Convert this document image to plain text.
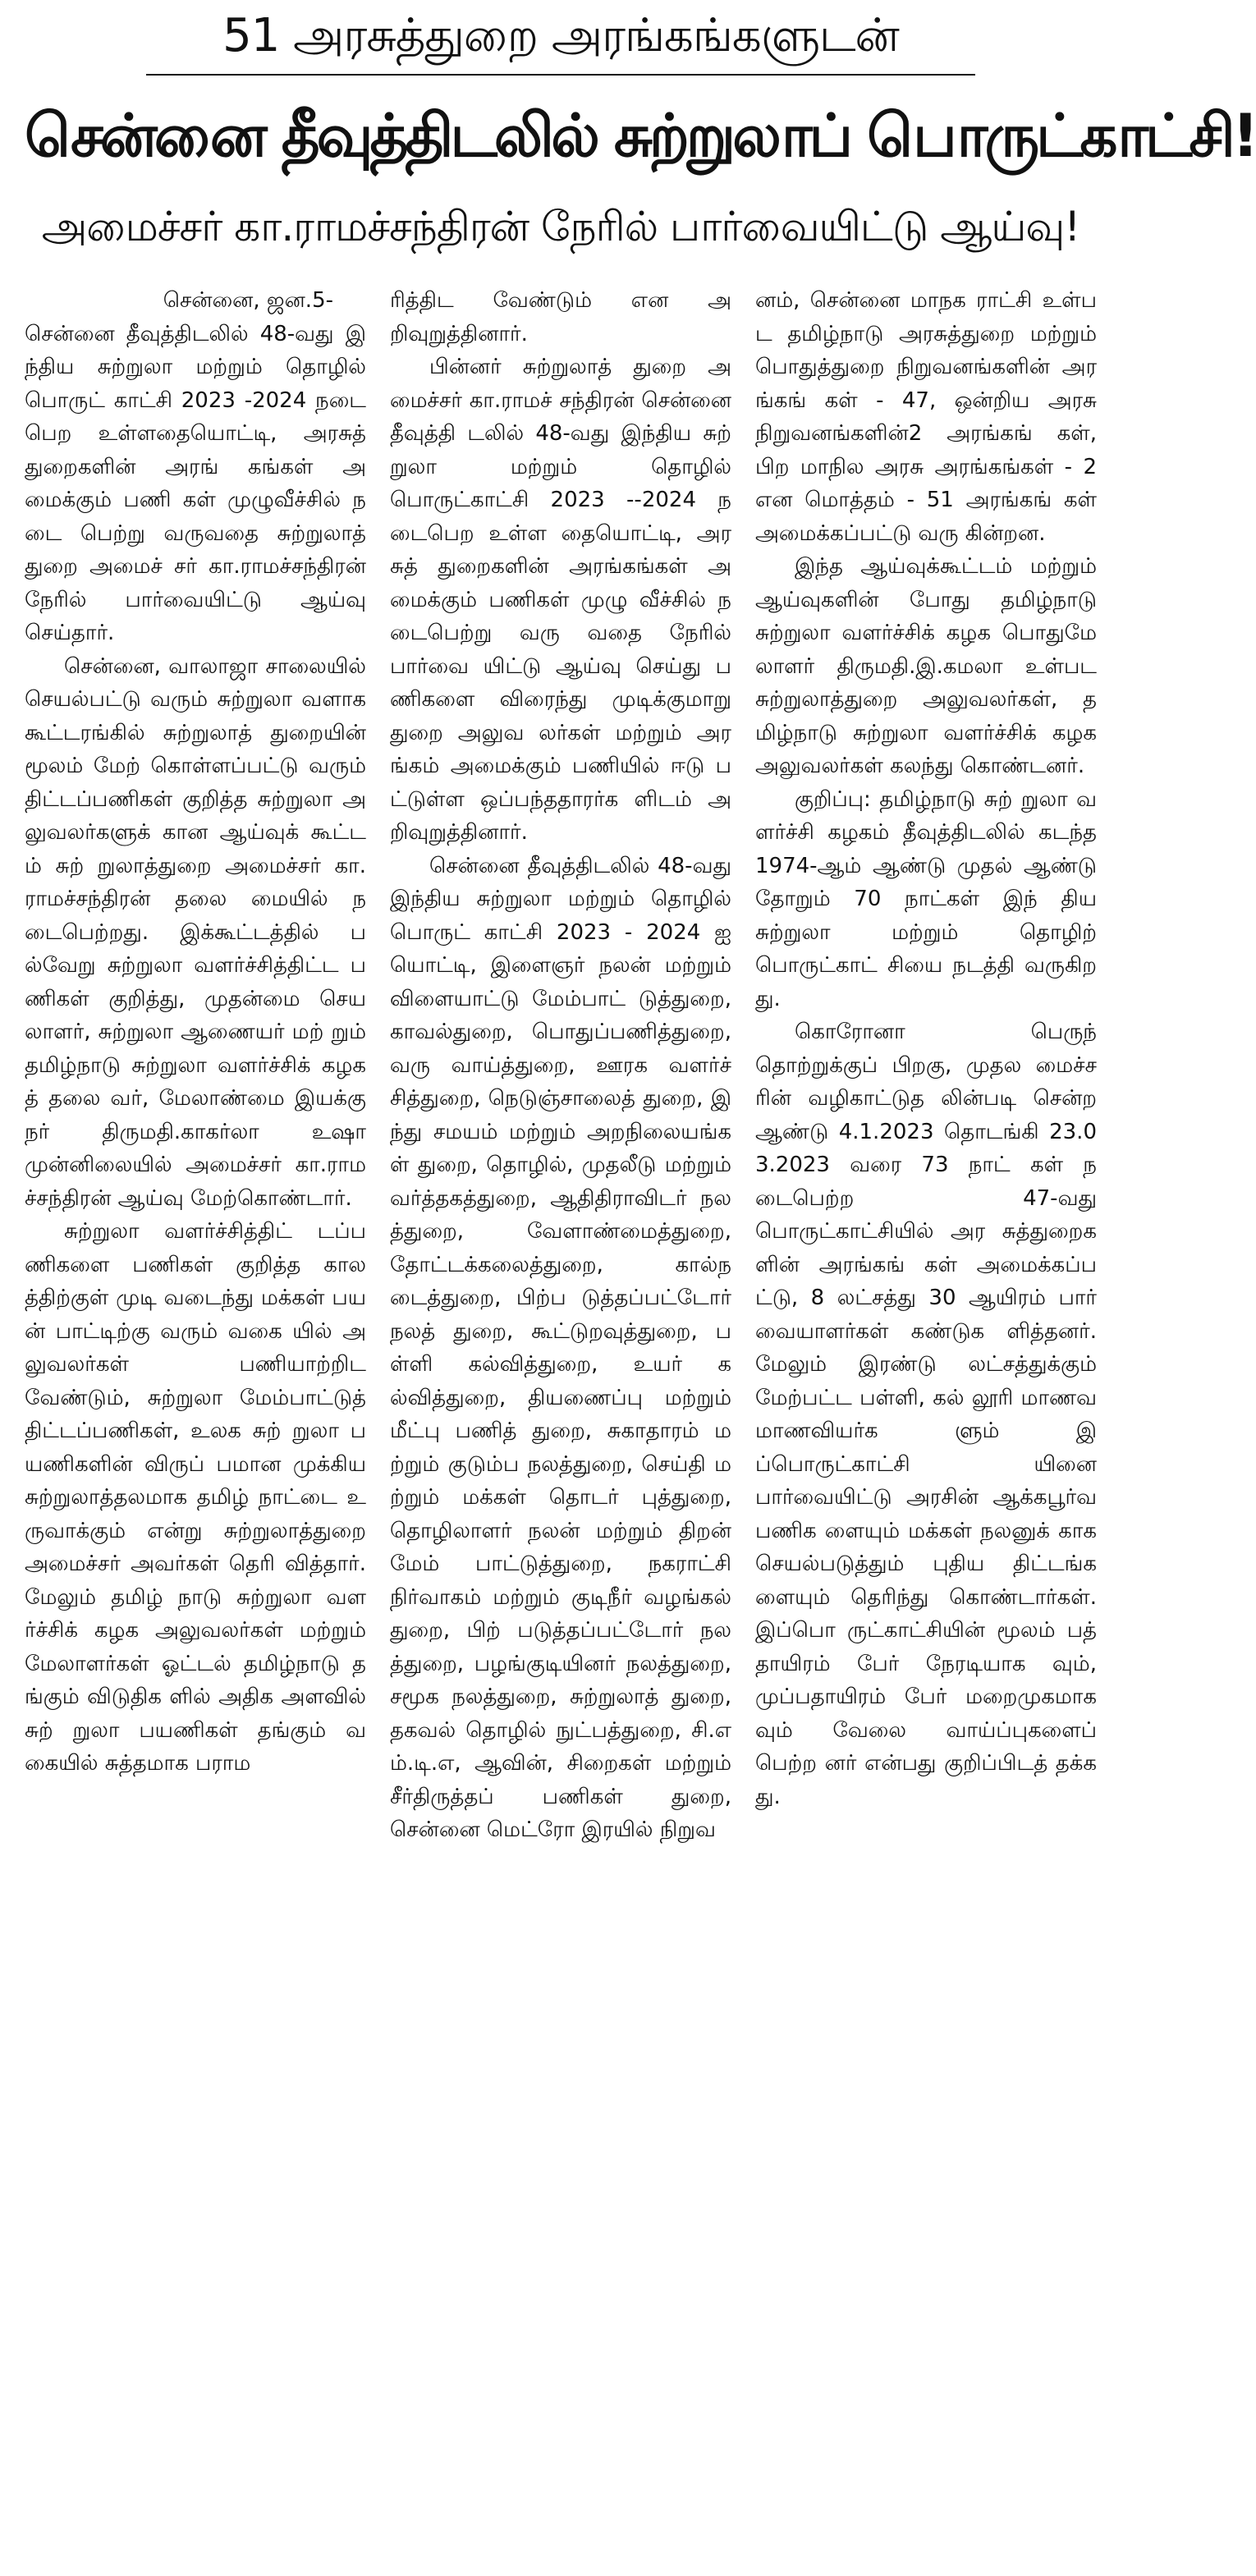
51 அரசுத்துறை அரங்கங்களுடன்
சென்னை தீவுத்திடலில் சுற்றுலாப் பொருட்காட்சி!
அமைச்சர் கா.ராமச்சந்திரன் நேரில் பார்வையிட்டு ஆய்வு!

சென்னை, ஜன.5-

சென்னை தீவுத்திடலில் 48-வது இந்திய சுற்றுலா மற்றும் தொழில் பொருட் காட்சி 2023 -2024 நடை பெற உள்ளதையொட்டி, அரசுத் துறைகளின் அரங் கங்கள் அமைக்கும் பணி கள் முழுவீச்சில் நடை பெற்று வருவதை சுற்றுலாத் துறை அமைச் சர் கா.ராமச்சந்திரன் நேரில் பார்வையிட்டு ஆய்வு செய்தார்.

சென்னை, வாலாஜா சாலையில் செயல்பட்டு வரும் சுற்றுலா வளாக கூட்டரங்கில் சுற்றுலாத் துறையின் மூலம் மேற் கொள்ளப்பட்டு வரும் திட்டப்பணிகள் குறித்த சுற்றுலா அலுவலர்களுக் கான ஆய்வுக் கூட்டம் சுற் றுலாத்துறை அமைச்சர் கா.ராமச்சந்திரன் தலை மையில் நடைபெற்றது. இக்கூட்டத்தில் பல்வேறு சுற்றுலா வளர்ச்சித்திட்ட பணிகள் குறித்து, முதன்மை செயலாளர், சுற்றுலா ஆணையர் மற் றும் தமிழ்நாடு சுற்றுலா வளர்ச்சிக் கழகத் தலை வர், மேலாண்மை இயக்கு நர் திருமதி.காகர்லா உஷா முன்னிலையில் அமைச்சர் கா.ராமச்சந்திரன் ஆய்வு மேற்கொண்டார்.

சுற்றுலா வளர்ச்சித்திட் டப்பணிகளை பணிகள் குறித்த காலத்திற்குள் முடி வடைந்து மக்கள் பயன் பாட்டிற்கு வரும் வகை யில் அலுவலர்கள் பணியாற்றிட வேண்டும், சுற்றுலா மேம்பாட்டுத் திட்டப்பணிகள், உலக சுற் றுலா பயணிகளின் விருப் பமான முக்கிய சுற்றுலாத்தலமாக தமிழ் நாட்டை உருவாக்கும் என்று சுற்றுலாத்துறை அமைச்சர் அவர்கள் தெரி வித்தார். மேலும் தமிழ் நாடு சுற்றுலா வளர்ச்சிக் கழக அலுவலர்கள் மற்றும் மேலாளர்கள் ஓட்டல் தமிழ்நாடு தங்கும் விடுதிக ளில் அதிக அளவில் சுற் றுலா பயணிகள் தங்கும் வகையில் சுத்தமாக பராம

ரித்திட வேண்டும் என அறிவுறுத்தினார்.

பின்னர் சுற்றுலாத் துறை அமைச்சர் கா.ராமச் சந்திரன் சென்னை தீவுத்தி டலில் 48-வது இந்திய சுற் றுலா மற்றும் தொழில் பொருட்காட்சி 2023 --2024 நடைபெற உள்ள தையொட்டி, அரசுத் துறைகளின் அரங்கங்கள் அமைக்கும் பணிகள் முழு வீச்சில் நடைபெற்று வரு வதை நேரில் பார்வை யிட்டு ஆய்வு செய்து பணிகளை விரைந்து முடிக்குமாறு துறை அலுவ லர்கள் மற்றும் அரங்கம் அமைக்கும் பணியில் ஈடு பட்டுள்ள ஒப்பந்ததாரர்க ளிடம் அறிவுறுத்தினார்.

சென்னை தீவுத்திடலில் 48-வது இந்திய சுற்றுலா மற்றும் தொழில் பொருட் காட்சி 2023 - 2024 ஐ யொட்டி, இளைஞர் நலன் மற்றும் விளையாட்டு மேம்பாட் டுத்துறை, காவல்துறை, பொதுப்பணித்துறை, வரு வாய்த்துறை, ஊரக வளர்ச் சித்துறை, நெடுஞ்சாலைத் துறை, இந்து சமயம் மற்றும் அறநிலையங்கள் துறை, தொழில், முதலீடு மற்றும் வர்த்தகத்துறை, ஆதிதிராவிடர் நலத்துறை, வேளாண்மைத்துறை, தோட்டக்கலைத்துறை, கால்நடைத்துறை, பிற்ப டுத்தப்பட்டோர் நலத் துறை, கூட்டுறவுத்துறை, பள்ளி கல்வித்துறை, உயர் கல்வித்துறை, தியணைப்பு மற்றும் மீட்பு பணித் துறை, சுகாதாரம் மற்றும் குடும்ப நலத்துறை, செய்தி மற்றும் மக்கள் தொடர் புத்துறை, தொழிலாளர் நலன் மற்றும் திறன் மேம் பாட்டுத்துறை, நகராட்சி நிர்வாகம் மற்றும் குடிநீர் வழங்கல் துறை, பிற் படுத்தப்பட்டோர் நலத்துறை, பழங்குடியினர் நலத்துறை, சமூக நலத்துறை, சுற்றுலாத் துறை, தகவல் தொழில் நுட்பத்துறை, சி.எம்.டி.எ, ஆவின், சிறைகள் மற்றும் சீர்திருத்தப் பணிகள் துறை, சென்னை மெட்ரோ இரயில் நிறுவ

னம், சென்னை மாநக ராட்சி உள்பட தமிழ்நாடு அரசுத்துறை மற்றும் பொதுத்துறை நிறுவனங்களின் அரங்கங் கள் - 47, ஒன்றிய அரசு நிறுவனங்களின்2 அரங்கங் கள், பிற மாநில அரசு அரங்கங்கள் - 2 என மொத்தம் - 51 அரங்கங் கள் அமைக்கப்பட்டு வரு கின்றன.

இந்த ஆய்வுக்கூட்டம் மற்றும் ஆய்வுகளின் போது தமிழ்நாடு சுற்றுலா வளர்ச்சிக் கழக பொதுமே லாளர் திருமதி.இ.கமலா உள்பட சுற்றுலாத்துறை அலுவலர்கள், தமிழ்நாடு சுற்றுலா வளர்ச்சிக் கழக அலுவலர்கள் கலந்து கொண்டனர்.

குறிப்பு: தமிழ்நாடு சுற் றுலா வளர்ச்சி கழகம் தீவுத்திடலில் கடந்த 1974-ஆம் ஆண்டு முதல் ஆண்டு தோறும் 70 நாட்கள் இந் திய சுற்றுலா மற்றும் தொழிற் பொருட்காட் சியை நடத்தி வருகிறது.

கொரோனா பெருந் தொற்றுக்குப் பிறகு, முதல மைச்சரின் வழிகாட்டுத லின்படி சென்ற ஆண்டு 4.1.2023 தொடங்கி 23.03.2023 வரை 73 நாட் கள் நடைபெற்ற 47-வது பொருட்காட்சியில் அர சுத்துறைகளின் அரங்கங் கள் அமைக்கப்பட்டு, 8 லட்சத்து 30 ஆயிரம் பார் வையாளர்கள் கண்டுக ளித்தனர். மேலும் இரண்டு லட்சத்துக்கும் மேற்பட்ட பள்ளி, கல் லூரி மாணவ மாணவியர்க ளும் இப்பொருட்காட்சி யினை பார்வையிட்டு அரசின் ஆக்கபூர்வ பணிக ளையும் மக்கள் நலனுக் காக செயல்படுத்தும் புதிய திட்டங்களையும் தெரிந்து கொண்டார்கள். இப்பொ ருட்காட்சியின் மூலம் பத் தாயிரம் பேர் நேரடியாக வும், முப்பதாயிரம் பேர் மறைமுகமாகவும் வேலை வாய்ப்புகளைப் பெற்ற னர் என்பது குறிப்பிடத் தக்கது.
